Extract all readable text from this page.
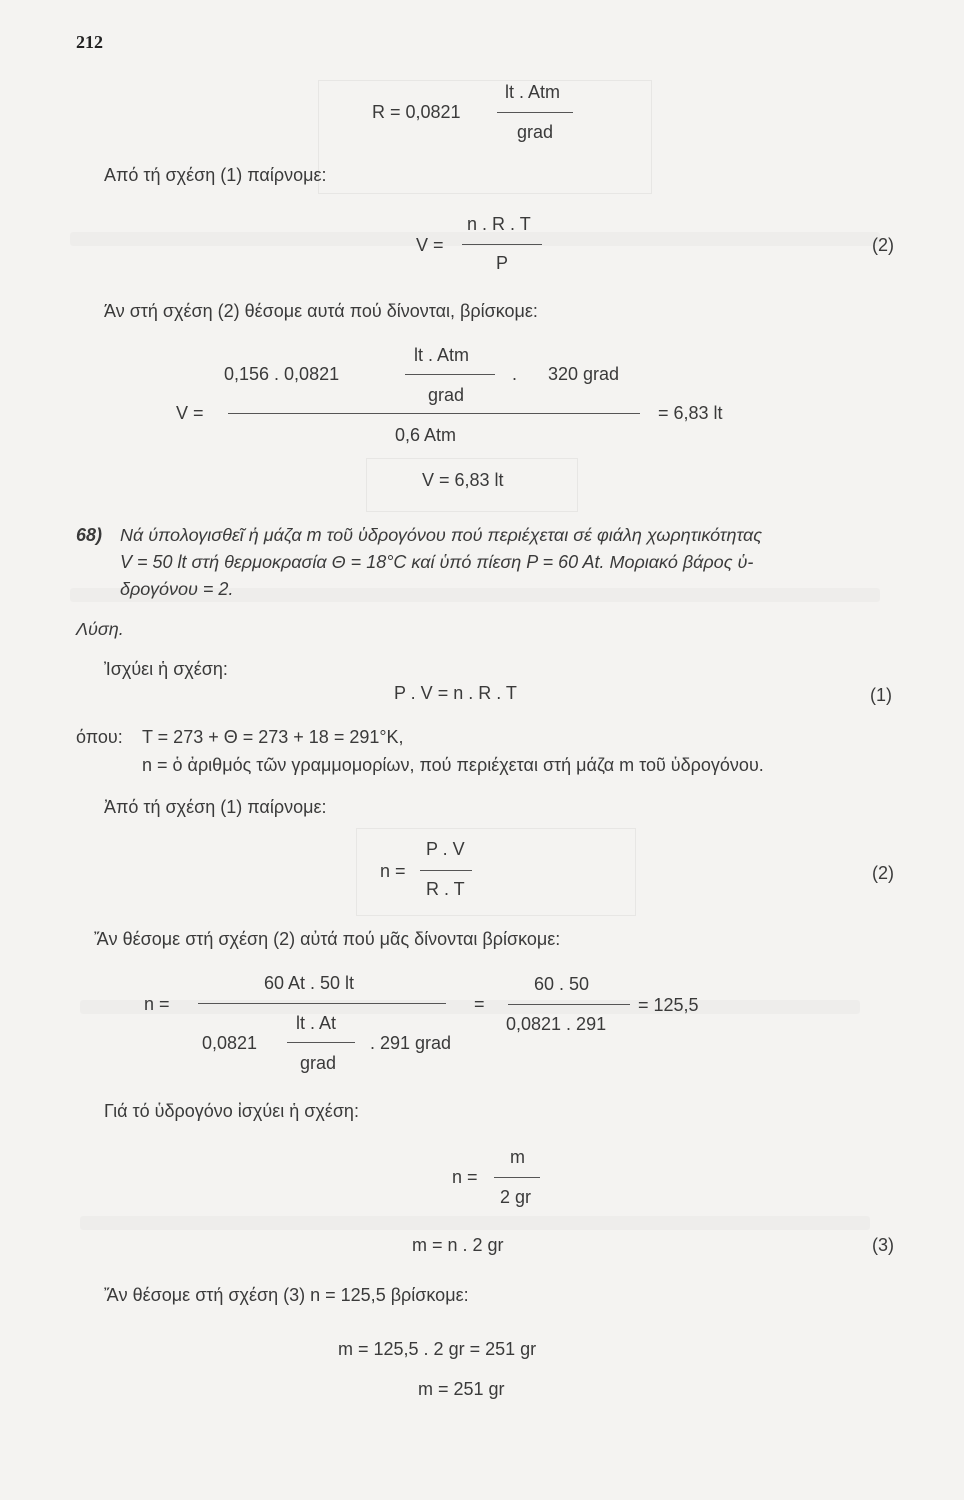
212
R = 0,0821
lt . Atm
grad
Από τή σχέση (1) παίρνομε:
V =
n . R . T
P
(2)
Άν στή σχέση (2) θέσομε αυτά πού δίνονται, βρίσκομε:
lt . Atm
0,156 . 0,0821	. 320 grad
grad
V =	= 6,83 lt
0,6 Atm
V = 6,83 lt
68) Νά ύπολογισθεῖ ἡ μάζα m τοῦ ὑδρογόνου πού περιέχεται σέ φιάλη χωρητικότητας
V = 50 lt στή θερμοκρασία Θ = 18°C καί ὑπό πίεση P = 60 At. Μοριακό βάρος ὑ-
δρογόνου = 2.
Λύση.
Ἰσχύει ἡ σχέση:
P . V = n . R . T	(1)
όπου: T = 273 + Θ = 273 + 18 = 291°K,
n = ὁ ἀριθμός τῶν γραμμομορίων, πού περιέχεται στή μάζα m τοῦ ὑδρογόνου.
Ἀπό τή σχέση (1) παίρνομε:
n =
P . V
R . T
(2)
Ἄν θέσομε στή σχέση (2) αὐτά πού μᾶς δίνονται βρίσκομε:
60 At . 50 lt
n =	=
60 . 50
= 125,5
0,0821 . 291
lt . At
0,0821	. 291 grad
grad
Γιά τό ὑδρογόνο ἰσχύει ἡ σχέση:
n =
m
2 gr
m = n . 2 gr	(3)
Ἄν θέσομε στή σχέση (3) n = 125,5 βρίσκομε:
m = 125,5 . 2 gr = 251 gr
m = 251 gr
